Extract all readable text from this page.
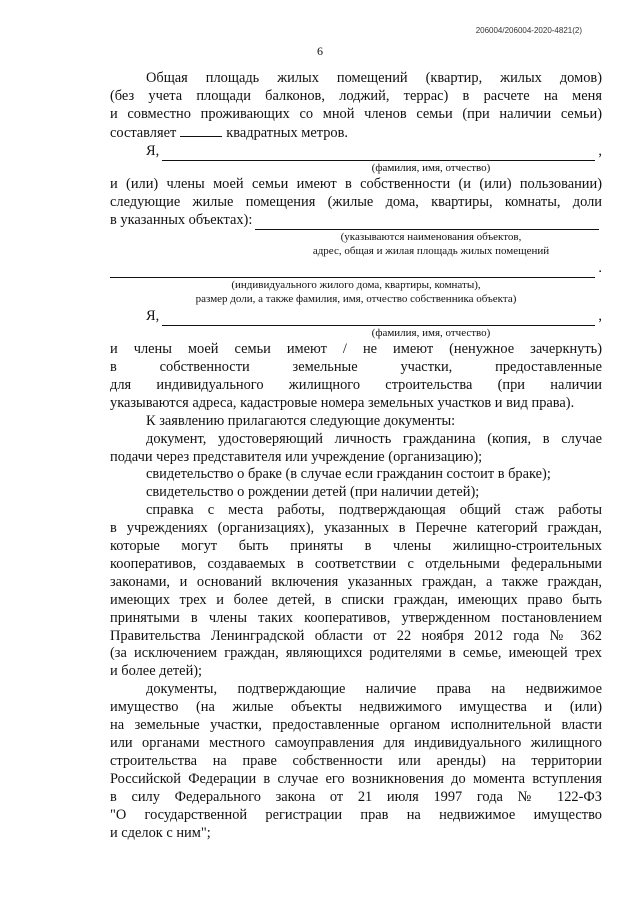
206004/206004-2020-4821(2)
6

Общая площадь жилых помещений (квартир, жилых домов)

(без учета площади балконов, лоджий, террас) в расчете на меня

и совместно проживающих со мной членов семьи (при наличии семьи)

составляет	квадратных метров.

Я,	,
(фамилия, имя, отчество)

и (или) члены моей семьи имеют в собственности (и (или) пользовании)

следующие жилые помещения (жилые дома, квартиры, комнаты, доли

в указанных объектах):
(указываются наименования объектов,
адрес, общая и жилая площадь жилых помещений
.
(индивидуального жилого дома, квартиры, комнаты),
размер доли, а также фамилия, имя, отчество собственника объекта)
Я,	,
(фамилия, имя, отчество)

и члены моей семьи имеют / не имеют (ненужное зачеркнуть)

в собственности земельные участки, предоставленные

для индивидуального жилищного строительства (при наличии

указываются адреса, кадастровые номера земельных участков и вид права).

К заявлению прилагаются следующие документы:

документ, удостоверяющий личность гражданина (копия, в случае

подачи через представителя или учреждение (организацию);

свидетельство о браке (в случае если гражданин состоит в браке);

свидетельство о рождении детей (при наличии детей);

справка с места работы, подтверждающая общий стаж работы

в учреждениях (организациях), указанных в Перечне категорий граждан,

которые могут быть приняты в члены жилищно-строительных

кооперативов, создаваемых в соответствии с отдельными федеральными

законами, и оснований включения указанных граждан, а также граждан,

имеющих трех и более детей, в списки граждан, имеющих право быть

принятыми в члены таких кооперативов, утвержденном постановлением

Правительства Ленинградской области от 22 ноября 2012 года № 362

(за исключением граждан, являющихся родителями в семье, имеющей трех

и более детей);

документы, подтверждающие наличие права на недвижимое

имущество (на жилые объекты недвижимого имущества и (или)

на земельные участки, предоставленные органом исполнительной власти

или органами местного самоуправления для индивидуального жилищного

строительства на праве собственности или аренды) на территории

Российской Федерации в случае его возникновения до момента вступления

в силу Федерального закона от 21 июля 1997 года № 122-ФЗ

"О государственной регистрации прав на недвижимое имущество

и сделок с ним";
